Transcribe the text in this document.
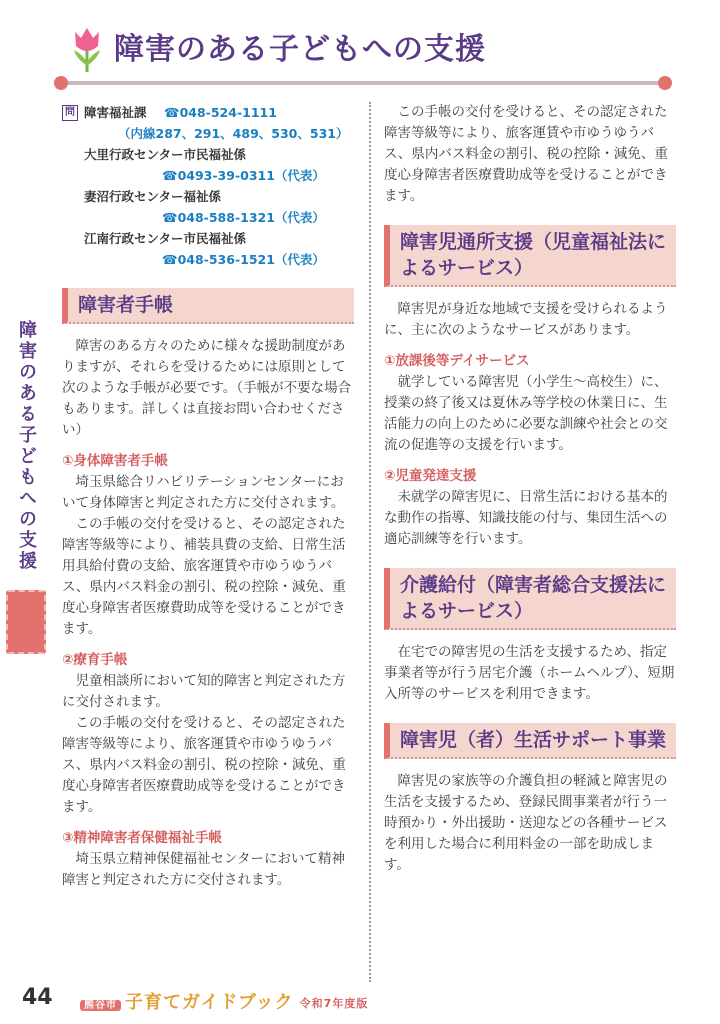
障害のある子どもへの支援
障害のある子どもへの支援
問 障害福祉課	☎048-524-1111
（内線287、291、489、530、531）
大里行政センター市民福祉係
☎0493-39-0311（代表）
妻沼行政センター福祉係
☎048-588-1321（代表）
江南行政センター市民福祉係
☎048-536-1521（代表）
障害者手帳
障害のある方々のために様々な援助制度がありますが、それらを受けるためには原則として次のような手帳が必要です。（手帳が不要な場合もあります。詳しくは直接お問い合わせください）
①身体障害者手帳
埼玉県総合リハビリテーションセンターにおいて身体障害と判定された方に交付されます。
この手帳の交付を受けると、その認定された障害等級等により、補装具費の支給、日常生活用具給付費の支給、旅客運賃や市ゆうゆうバス、県内バス料金の割引、税の控除・減免、重度心身障害者医療費助成等を受けることができます。
②療育手帳
児童相談所において知的障害と判定された方に交付されます。
この手帳の交付を受けると、その認定された障害等級等により、旅客運賃や市ゆうゆうバス、県内バス料金の割引、税の控除・減免、重度心身障害者医療費助成等を受けることができます。
③精神障害者保健福祉手帳
埼玉県立精神保健福祉センターにおいて精神障害と判定された方に交付されます。
この手帳の交付を受けると、その認定された障害等級等により、旅客運賃や市ゆうゆうバス、県内バス料金の割引、税の控除・減免、重度心身障害者医療費助成等を受けることができます。
障害児通所支援（児童福祉法によるサービス）
障害児が身近な地域で支援を受けられるように、主に次のようなサービスがあります。
①放課後等デイサービス
就学している障害児（小学生～高校生）に、授業の終了後又は夏休み等学校の休業日に、生活能力の向上のために必要な訓練や社会との交流の促進等の支援を行います。
②児童発達支援
未就学の障害児に、日常生活における基本的な動作の指導、知識技能の付与、集団生活への適応訓練等を行います。
介護給付（障害者総合支援法によるサービス）
在宅での障害児の生活を支援するため、指定事業者等が行う居宅介護（ホームヘルプ）、短期入所等のサービスを利用できます。
障害児（者）生活サポート事業
障害児の家族等の介護負担の軽減と障害児の生活を支援するため、登録民間事業者が行う一時預かり・外出援助・送迎などの各種サービスを利用した場合に利用料金の一部を助成します。
44	熊谷市 子育てガイドブック 令和7年度版
